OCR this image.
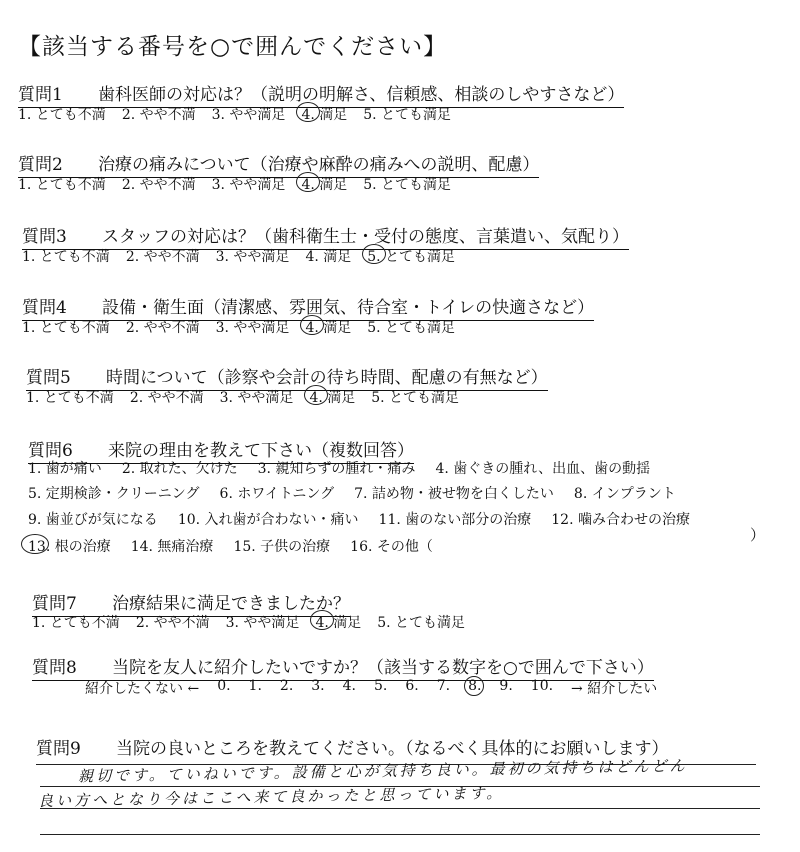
【該当する番号を○で囲んでください】
質問1 歯科医師の対応は？（説明の明解さ、信頼感、相談のしやすさなど）
1. とても不満 2. やや不満 3. やや満足 4. 満足 5. とても満足
質問2 治療の痛みについて（治療や麻酔の痛みへの説明、配慮）
1. とても不満 2. やや不満 3. やや満足 4. 満足 5. とても満足
質問3 スタッフの対応は？（歯科衛生士・受付の態度、言葉遣い、気配り）
1. とても不満 2. やや不満 3. やや満足 4. 満足 5. とても満足
質問4 設備・衛生面（清潔感、雰囲気、待合室・トイレの快適さなど）
1. とても不満 2. やや不満 3. やや満足 4. 満足 5. とても満足
質問5 時間について（診察や会計の待ち時間、配慮の有無など）
1. とても不満 2. やや不満 3. やや満足 4. 満足 5. とても満足
質問6 来院の理由を教えて下さい（複数回答）
1. 歯が痛い 2. 取れた、欠けた 3. 親知らずの腫れ・痛み 4. 歯ぐきの腫れ、出血、歯の動揺
5. 定期検診・クリーニング 6. ホワイトニング 7. 詰め物・被せ物を白くしたい 8. インプラント
9. 歯並びが気になる 10. 入れ歯が合わない・痛い 11. 歯のない部分の治療 12. 噛み合わせの治療
13. 根の治療 14. 無痛治療 15. 子供の治療 16. その他（
）
質問7 治療結果に満足できましたか？
1. とても不満 2. やや不満 3. やや満足 4. 満足 5. とても満足
質問8 当院を友人に紹介したいですか？（該当する数字を○で囲んで下さい）
紹介したくない ← 0. 1. 2. 3. 4. 5. 6. 7. 8. 9. 10. → 紹介したい
質問9 当院の良いところを教えてください。（なるべく具体的にお願いします）
親切です。ていねいです。設備と心が気持ち良い。最初の気持ちはどんどん
良い方へとなり今はここへ来て良かったと思っています。
